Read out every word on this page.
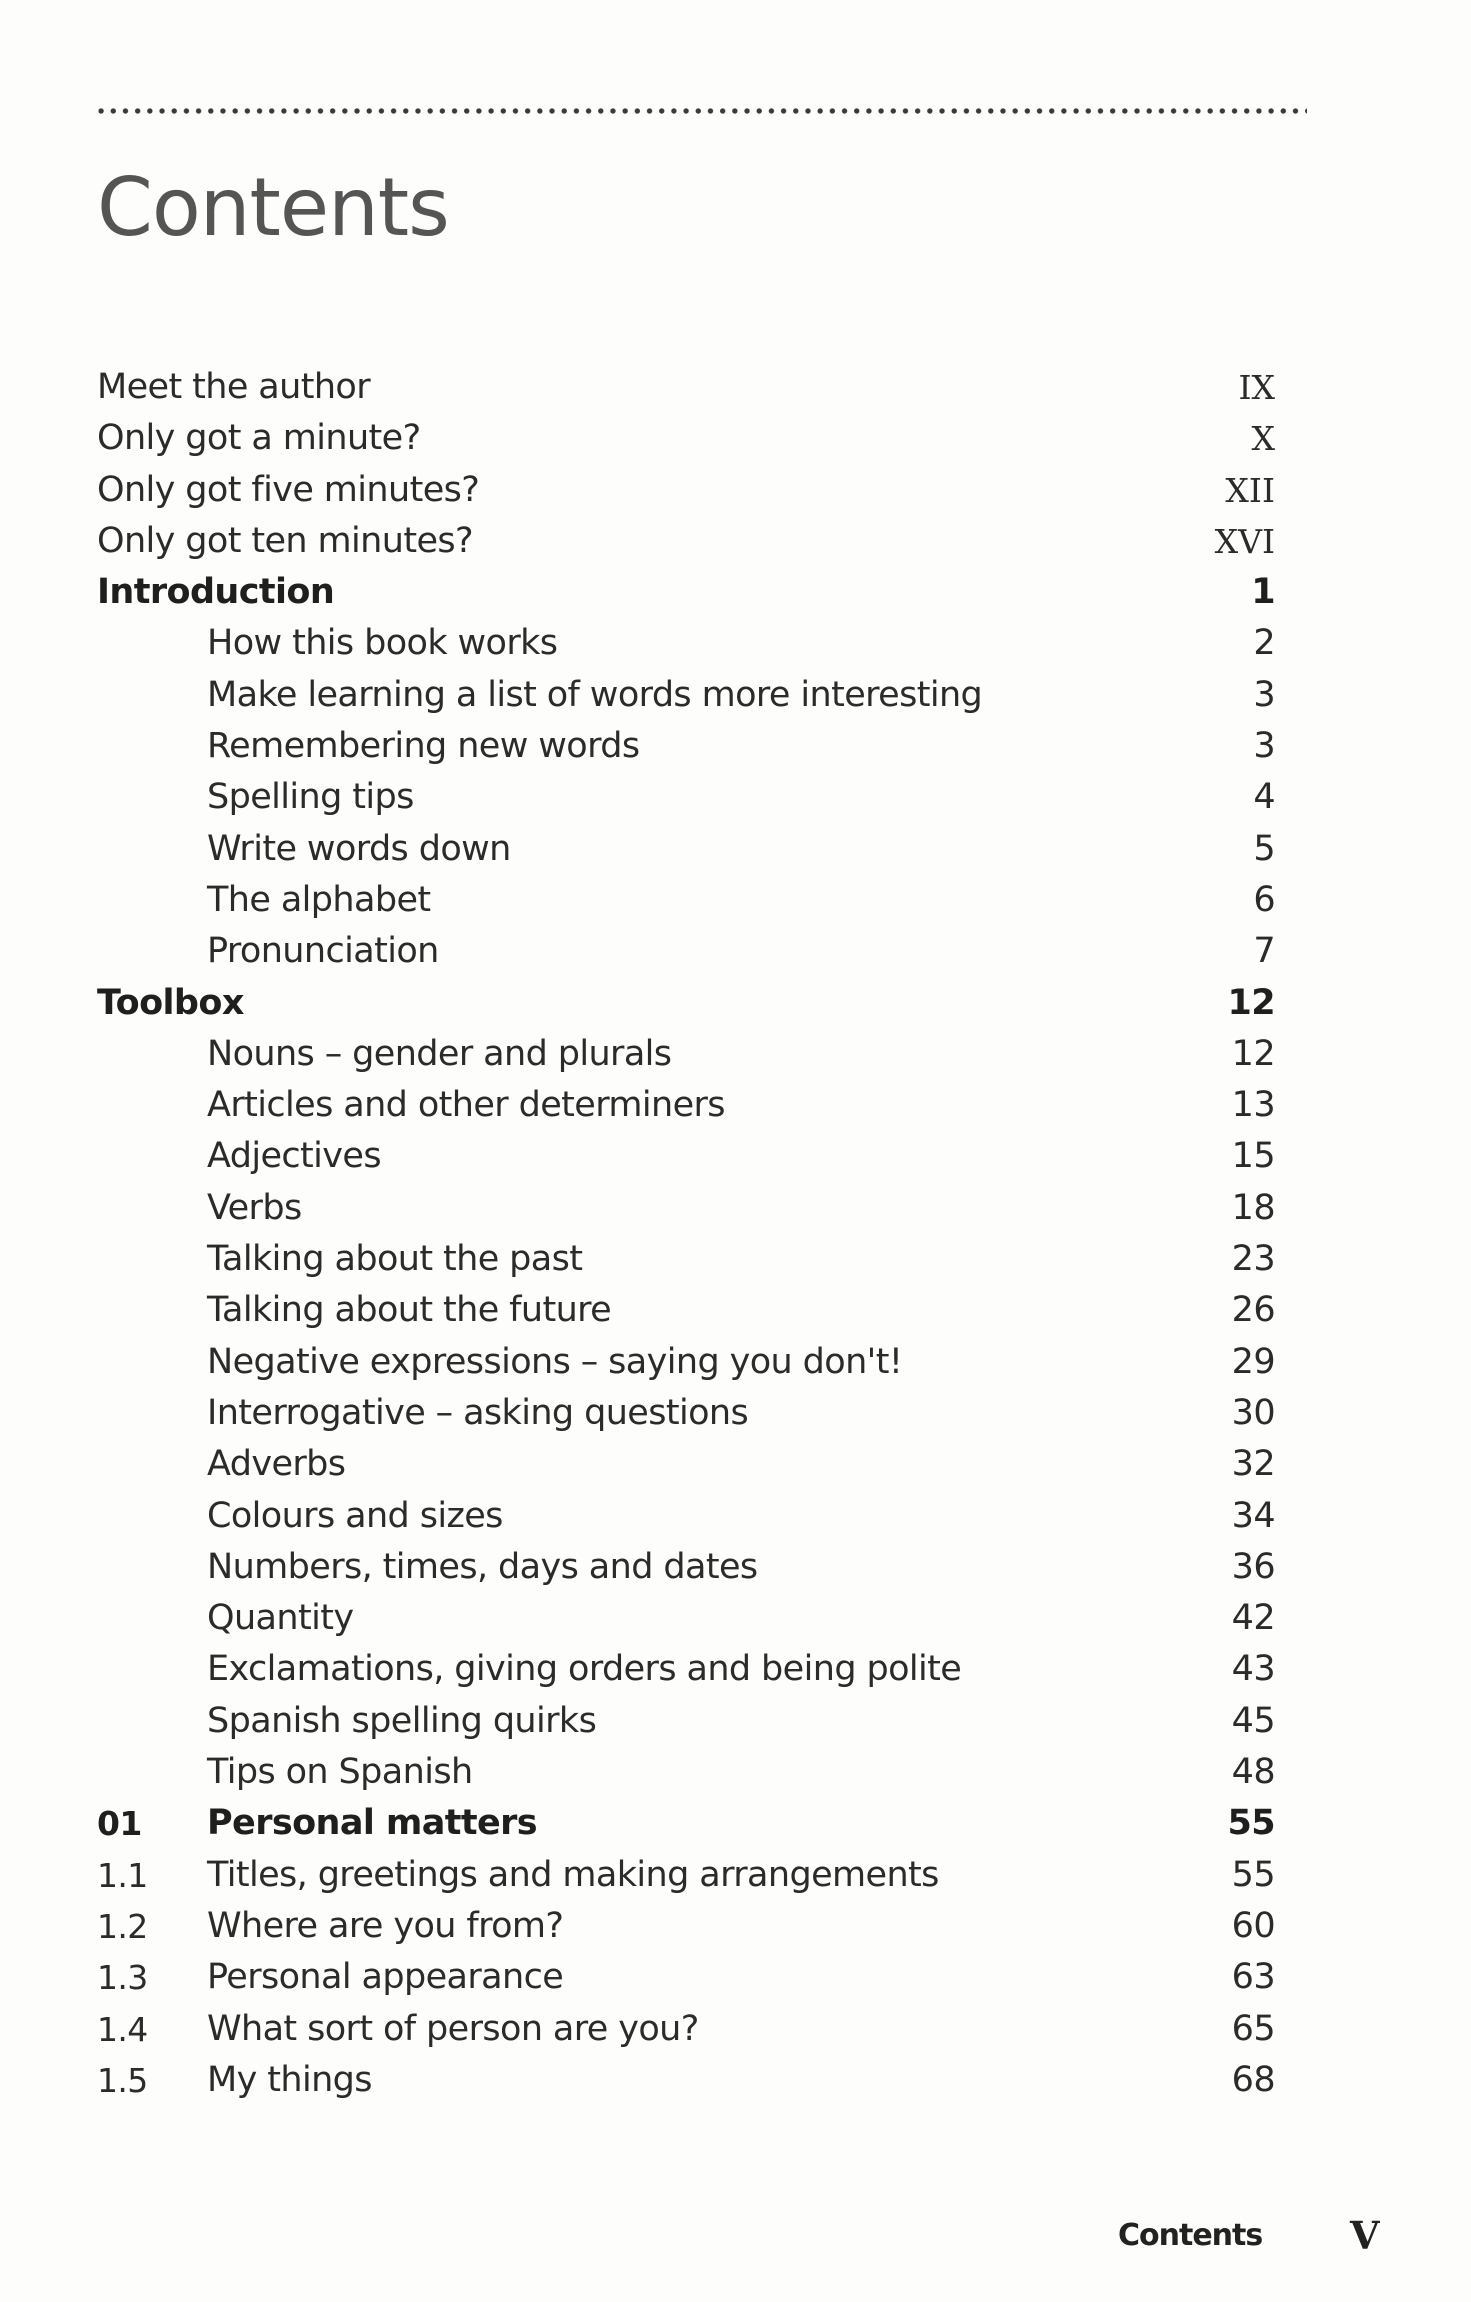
Contents
Meet the author	IX
Only got a minute?	X
Only got five minutes?	XII
Only got ten minutes?	XVI
Introduction	1
How this book works	2
Make learning a list of words more interesting	3
Remembering new words	3
Spelling tips	4
Write words down	5
The alphabet	6
Pronunciation	7
Toolbox	12
Nouns – gender and plurals	12
Articles and other determiners	13
Adjectives	15
Verbs	18
Talking about the past	23
Talking about the future	26
Negative expressions – saying you don't!	29
Interrogative – asking questions	30
Adverbs	32
Colours and sizes	34
Numbers, times, days and dates	36
Quantity	42
Exclamations, giving orders and being polite	43
Spanish spelling quirks	45
Tips on Spanish	48
01 Personal matters	55
1.1 Titles, greetings and making arrangements	55
1.2 Where are you from?	60
1.3 Personal appearance	63
1.4 What sort of person are you?	65
1.5 My things	68
Contents V
